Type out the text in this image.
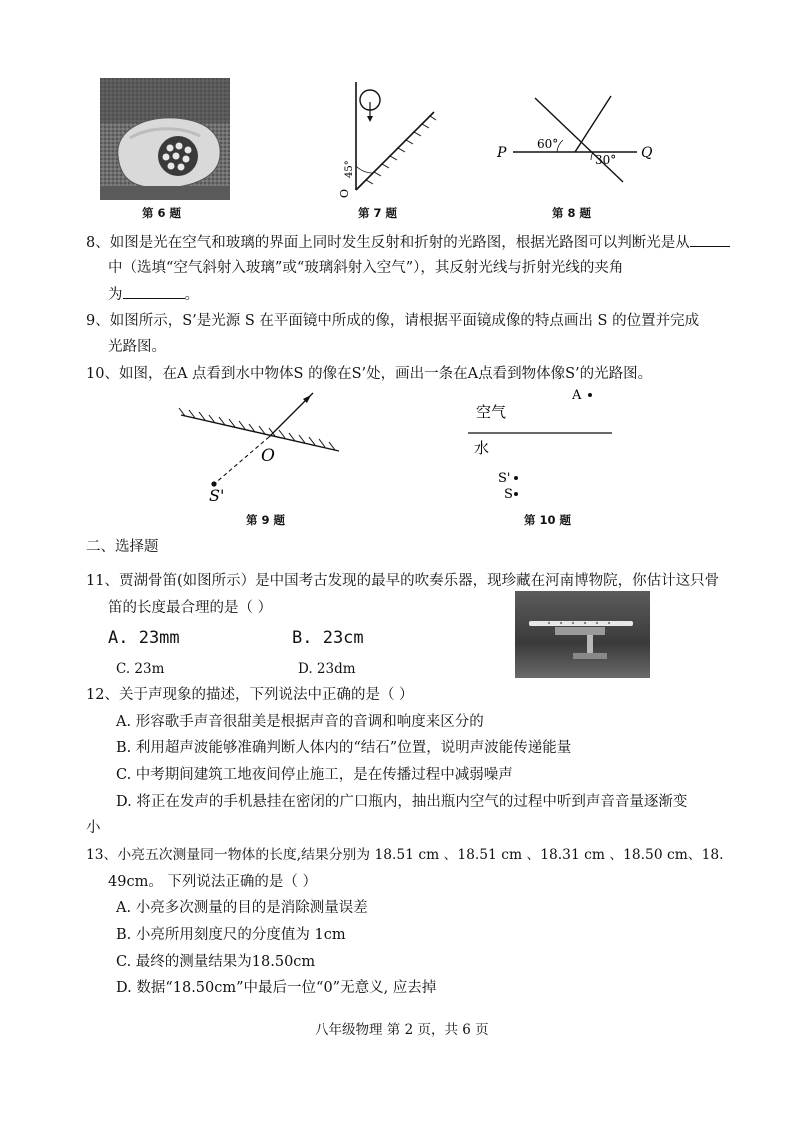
第 6 题
45°
O
第 7 题
P	Q
60°
30°
第 8 题
8、如图是光在空气和玻璃的界面上同时发生反射和折射的光路图，根据光路图可以判断光是从
中（选填“空气斜射入玻璃”或“玻璃斜射入空气”），其反射光线与折射光线的夹角
为	。
9、如图所示，S’是光源 S 在平面镜中所成的像，请根据平面镜成像的特点画出 S 的位置并完成
光路图。
10、如图，在A 点看到水中物体S 的像在S’处，画出一条在A点看到物体像S’的光路图。
O
S'
第 9 题
A
空气
水
S'
S
第 10 题
二、选择题
11、贾湖骨笛(如图所示）是中国考古发现的最早的吹奏乐器，现珍藏在河南博物院，你估计这只骨
笛的长度最合理的是（ ）
A. 23mm	B. 23cm
C. 23m	D. 23dm
12、关于声现象的描述，下列说法中正确的是（ ）
A. 形容歌手声音很甜美是根据声音的音调和响度来区分的
B. 利用超声波能够准确判断人体内的“结石”位置，说明声波能传递能量
C. 中考期间建筑工地夜间停止施工，是在传播过程中减弱噪声
D. 将正在发声的手机悬挂在密闭的广口瓶内，抽出瓶内空气的过程中听到声音音量逐渐变
小
13、小亮五次测量同一物体的长度,结果分别为 18.51 cm 、18.51 cm 、18.31 cm 、18.50 cm、18.
49cm。 下列说法正确的是（ ）
A. 小亮多次测量的目的是消除测量误差
B. 小亮所用刻度尺的分度值为 1cm
C. 最终的测量结果为18.50cm
D. 数据“18.50cm”中最后一位“0”无意义, 应去掉
八年级物理 第 2 页，共 6 页
